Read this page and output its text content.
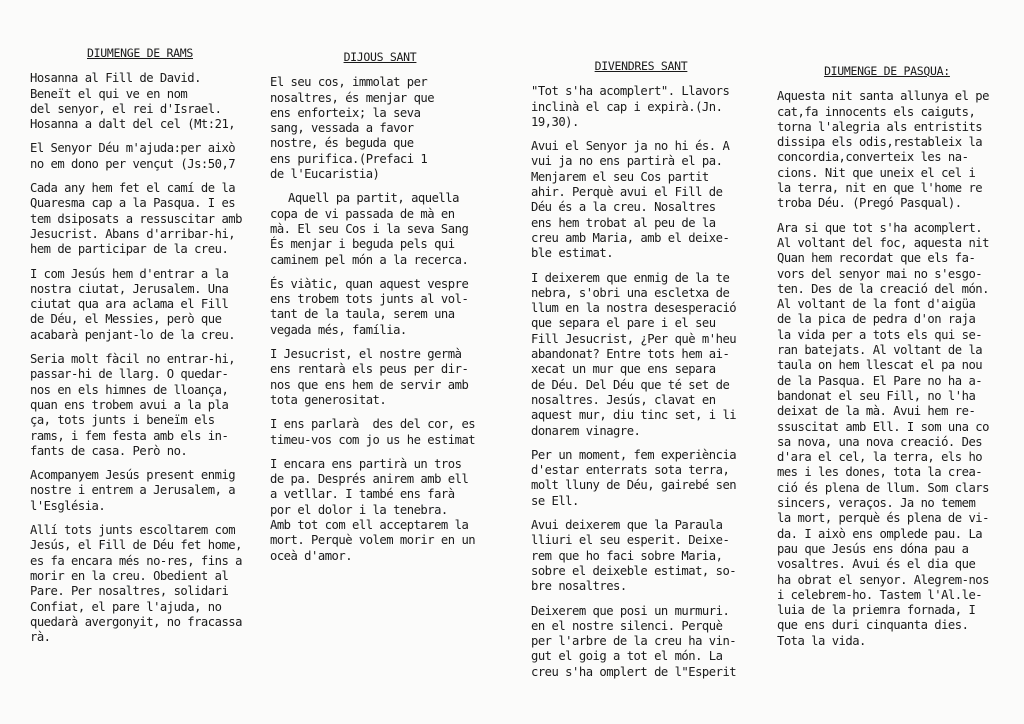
DIUMENGE DE RAMS
Hosanna al Fill de David.
Beneït el qui ve en nom
del senyor, el rei d'Israel.
Hosanna a dalt del cel (Mt:21,
El Senyor Déu m'ajuda:per això
no em dono per vençut (Js:50,7
Cada any hem fet el camí de la
Quaresma cap a la Pasqua. I es
tem dsiposats a ressuscitar amb
Jesucrist. Abans d'arribar-hi,
hem de participar de la creu.
I com Jesús hem d'entrar a la
nostra ciutat, Jerusalem. Una
ciutat qua ara aclama el Fill
de Déu, el Messies, però que
acabarà penjant-lo de la creu.
Seria molt fàcil no entrar-hi,
passar-hi de llarg. O quedar-
nos en els himnes de lloança,
quan ens trobem avui a la pla
ça, tots junts i beneïm els
rams, i fem festa amb els in-
fants de casa. Però no.
Acompanyem Jesús present enmig
nostre i entrem a Jerusalem, a
l'Església.
Allí tots junts escoltarem com
Jesús, el Fill de Déu fet home,
es fa encara més no-res, fins a
morir en la creu. Obedient al
Pare. Per nosaltres, solidari
Confiat, el pare l'ajuda, no
quedarà avergonyit, no fracassa
rà.
DIJOUS SANT
El seu cos, immolat per
nosaltres, és menjar que
ens enforteix; la seva
sang, vessada a favor
nostre, és beguda que
ens purifica.(Prefaci 1
de l'Eucaristia)
Aquell pa partit, aquella
copa de vi passada de mà en
mà. El seu Cos i la seva Sang
És menjar i beguda pels qui
caminem pel món a la recerca.
És viàtic, quan aquest vespre
ens trobem tots junts al vol-
tant de la taula, serem una
vegada més, família.
I Jesucrist, el nostre germà
ens rentarà els peus per dir-
nos que ens hem de servir amb
tota generositat.
I ens parlarà  des del cor, es
timeu-vos com jo us he estimat
I encara ens partirà un tros
de pa. Després anirem amb ell
a vetllar. I també ens farà
por el dolor i la tenebra.
Amb tot com ell acceptarem la
mort. Perquè volem morir en un
oceà d'amor.
DIVENDRES SANT
"Tot s'ha acomplert". Llavors
inclinà el cap i expirà.(Jn.
19,30).
Avui el Senyor ja no hi és. A
vui ja no ens partirà el pa.
Menjarem el seu Cos partit
ahir. Perquè avui el Fill de
Déu és a la creu. Nosaltres
ens hem trobat al peu de la
creu amb Maria, amb el deixe-
ble estimat.
I deixerem que enmig de la te
nebra, s'obri una escletxa de
llum en la nostra desesperació
que separa el pare i el seu
Fill Jesucrist, ¿Per què m'heu
abandonat? Entre tots hem ai-
xecat un mur que ens separa
de Déu. Del Déu que té set de
nosaltres. Jesús, clavat en
aquest mur, diu tinc set, i li
donarem vinagre.
Per un moment, fem experiència
d'estar enterrats sota terra,
molt lluny de Déu, gairebé sen
se Ell.
Avui deixerem que la Paraula
lliuri el seu esperit. Deixe-
rem que ho faci sobre Maria,
sobre el deixeble estimat, so-
bre nosaltres.
Deixerem que posi un murmuri.
en el nostre silenci. Perquè
per l'arbre de la creu ha vin-
gut el goig a tot el món. La
creu s'ha omplert de l"Esperit
DIUMENGE DE PASQUA:
Aquesta nit santa allunya el pe
cat,fa innocents els caiguts,
torna l'alegria als entristits
dissipa els odis,restableix la
concordia,converteix les na-
cions. Nit que uneix el cel i
la terra, nit en que l'home re
troba Déu. (Pregó Pasqual).
Ara si que tot s'ha acomplert.
Al voltant del foc, aquesta nit
Quan hem recordat que els fa-
vors del senyor mai no s'esgo-
ten. Des de la creació del món.
Al voltant de la font d'aigüa
de la pica de pedra d'on raja
la vida per a tots els qui se-
ran batejats. Al voltant de la
taula on hem llescat el pa nou
de la Pasqua. El Pare no ha a-
bandonat el seu Fill, no l'ha
deixat de la mà. Avui hem re-
ssuscitat amb Ell. I som una co
sa nova, una nova creació. Des
d'ara el cel, la terra, els ho
mes i les dones, tota la crea-
ció és plena de llum. Som clars
sincers, veraços. Ja no temem
la mort, perquè és plena de vi-
da. I això ens omplede pau. La
pau que Jesús ens dóna pau a
vosaltres. Avui és el dia que
ha obrat el senyor. Alegrem-nos
i celebrem-ho. Tastem l'Al.le-
luia de la priemra fornada, I
que ens duri cinquanta dies.
Tota la vida.
